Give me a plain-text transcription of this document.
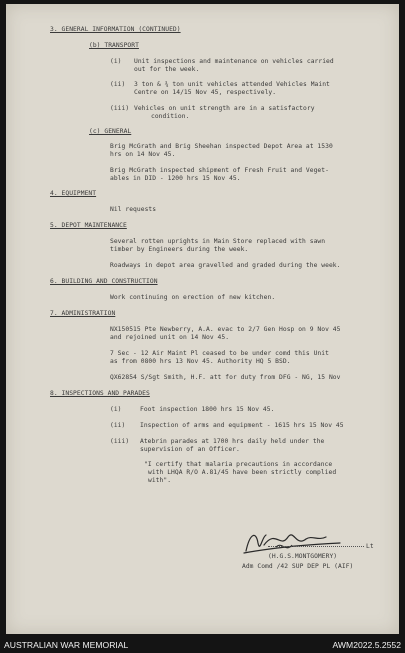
3. GENERAL INFORMATION (CONTINUED)
(b) TRANSPORT
(i) Unit inspections and maintenance on vehicles carried
out for the week.
(ii) 3 ton & ¾ ton unit vehicles attended Vehicles Maint
Centre on 14/15 Nov 45, respectively.
(iii) Vehicles on unit strength are in a satisfactory
condition.
(c) GENERAL
Brig McGrath and Brig Sheehan inspected Depot Area at 1530
hrs on 14 Nov 45.
Brig McGrath inspected shipment of Fresh Fruit and Veget-
ables in DID - 1200 hrs 15 Nov 45.
4. EQUIPMENT
Nil requests
5. DEPOT MAINTENANCE
Several rotten uprights in Main Store replaced with sawn
timber by Engineers during the week.
Roadways in depot area gravelled and graded during the week.
6. BUILDING AND CONSTRUCTION
Work continuing on erection of new kitchen.
7. ADMINISTRATION
NX150515 Pte Newberry, A.A. evac to 2/7 Gen Hosp on 9 Nov 45
and rejoined unit on 14 Nov 45.
7 Sec - 12 Air Maint Pl ceased to be under comd this Unit
as from 0800 hrs 13 Nov 45. Authority HQ 5 BSD.
QX62854 S/Sgt Smith, H.F. att for duty from DFG - NG, 15 Nov
8. INSPECTIONS AND PARADES
(i)	Foot inspection 1800 hrs 15 Nov 45.
(ii) Inspection of arms and equipment - 1615 hrs 15 Nov 45
(iii) Atebrin parades at 1700 hrs daily held under the
supervision of an Officer.
"I certify that malaria precautions in accordance
with LHQA R/O A.81/45 have been strictly complied
with".
Lt
(H.G.S.MONTGOMERY)
Adm Comd /42 SUP DEP PL (AIF)
AUSTRALIAN WAR MEMORIAL	AWM2022.5.2552
